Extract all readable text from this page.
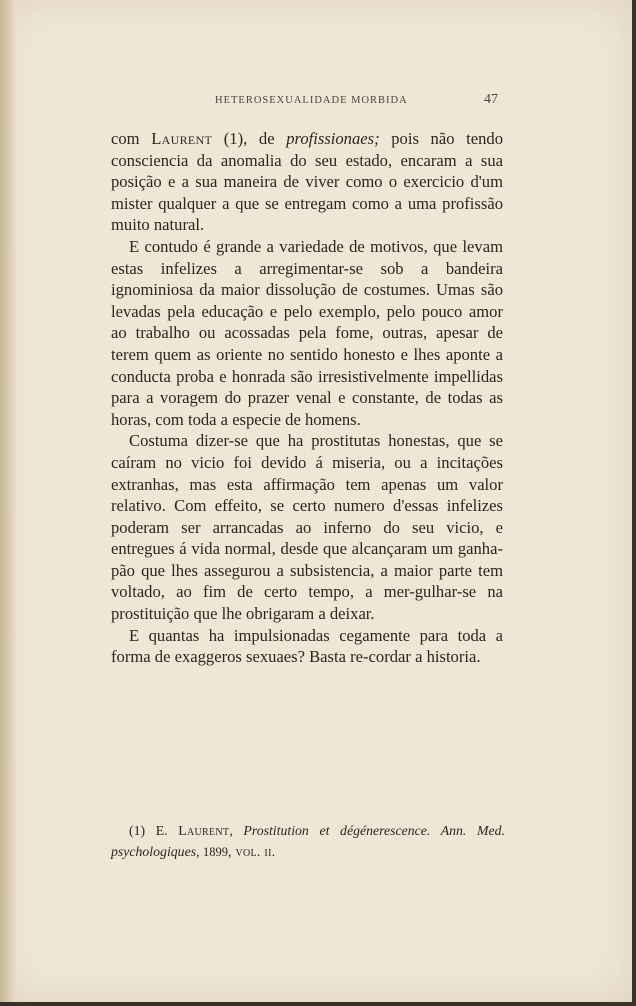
HETEROSEXUALIDADE MORBIDA	47

com Laurent (1), de profissionaes; pois não tendo consciencia da anomalia do seu estado, encaram a sua posição e a sua maneira de viver como o exercicio d'um mister qualquer a que se entregam como a uma profissão muito natural.

E contudo é grande a variedade de motivos, que levam estas infelizes a arregimentar-se sob a bandeira ignominiosa da maior dissolução de costumes. Umas são levadas pela educação e pelo exemplo, pelo pouco amor ao trabalho ou acossadas pela fome, outras, apesar de terem quem as oriente no sentido honesto e lhes aponte a conducta proba e honrada são irresistivelmente impellidas para a voragem do prazer venal e constante, de todas as horas, com toda a especie de homens.

Costuma dizer-se que ha prostitutas honestas, que se caíram no vicio foi devido á miseria, ou a incitações extranhas, mas esta affirmação tem apenas um valor relativo. Com effeito, se certo numero d'essas infelizes poderam ser arrancadas ao inferno do seu vicio, e entregues á vida normal, desde que alcançaram um ganha-pão que lhes assegurou a subsistencia, a maior parte tem voltado, ao fim de certo tempo, a mer-gulhar-se na prostituição que lhe obrigaram a deixar.

E quantas ha impulsionadas cegamente para toda a forma de exaggeros sexuaes? Basta re-cordar a historia.

(1) E. Laurent, Prostitution et dégénerescence. Ann. Med. psychologiques, 1899, vol. ii.
